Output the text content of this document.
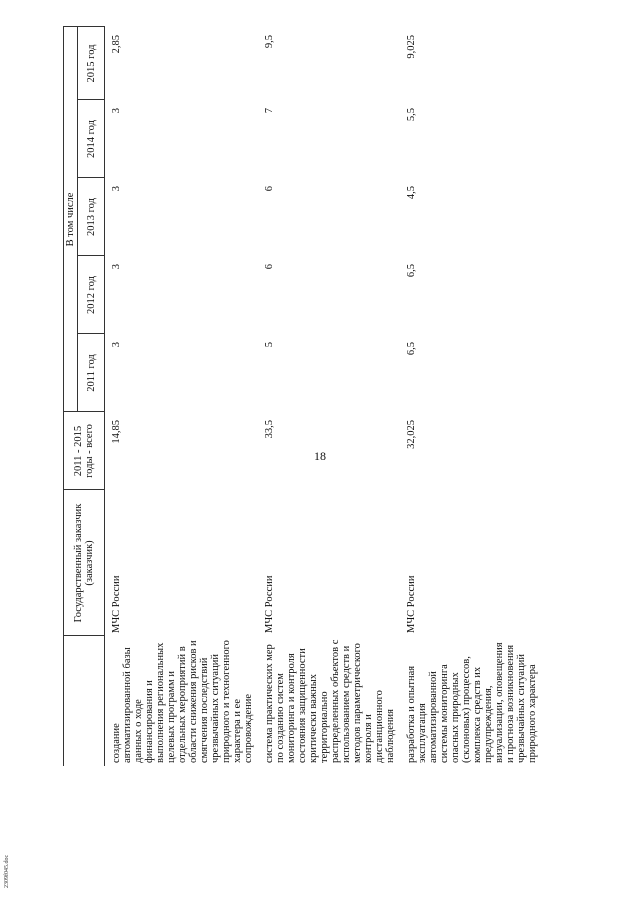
18
	Государственный заказчик (заказчик)	2011 - 2015 годы - всего	В том числе				
			2011 год	2012 год	2013 год	2014 год	2015 год
создание автоматизированной базы данных о ходе финансирования и выполнения региональных целевых программ и отдельных мероприятий в области снижения рисков и смягчения последствий чрезвычайных ситуаций природного и техногенного характера и ее сопровождение	МЧС России	14,85	3	3	3	3	2,85
система практических мер по созданию систем мониторинга и контроля состояния защищенности критически важных территориально распределенных объектов с использованием средств и методов параметрического контроля и дистанционного наблюдения	МЧС России	33,5	5	6	6	7	9,5
разработка и опытная эксплуатация автоматизированной системы мониторинга опасных природных (склоновых) процессов, комплекса средств их предупреждения, визуализации, оповещения и прогноза возникновения чрезвычайных ситуаций природного характера	МЧС России	32,025	6,5	6,5	4,5	5,5	9,025
2309f045.doc
